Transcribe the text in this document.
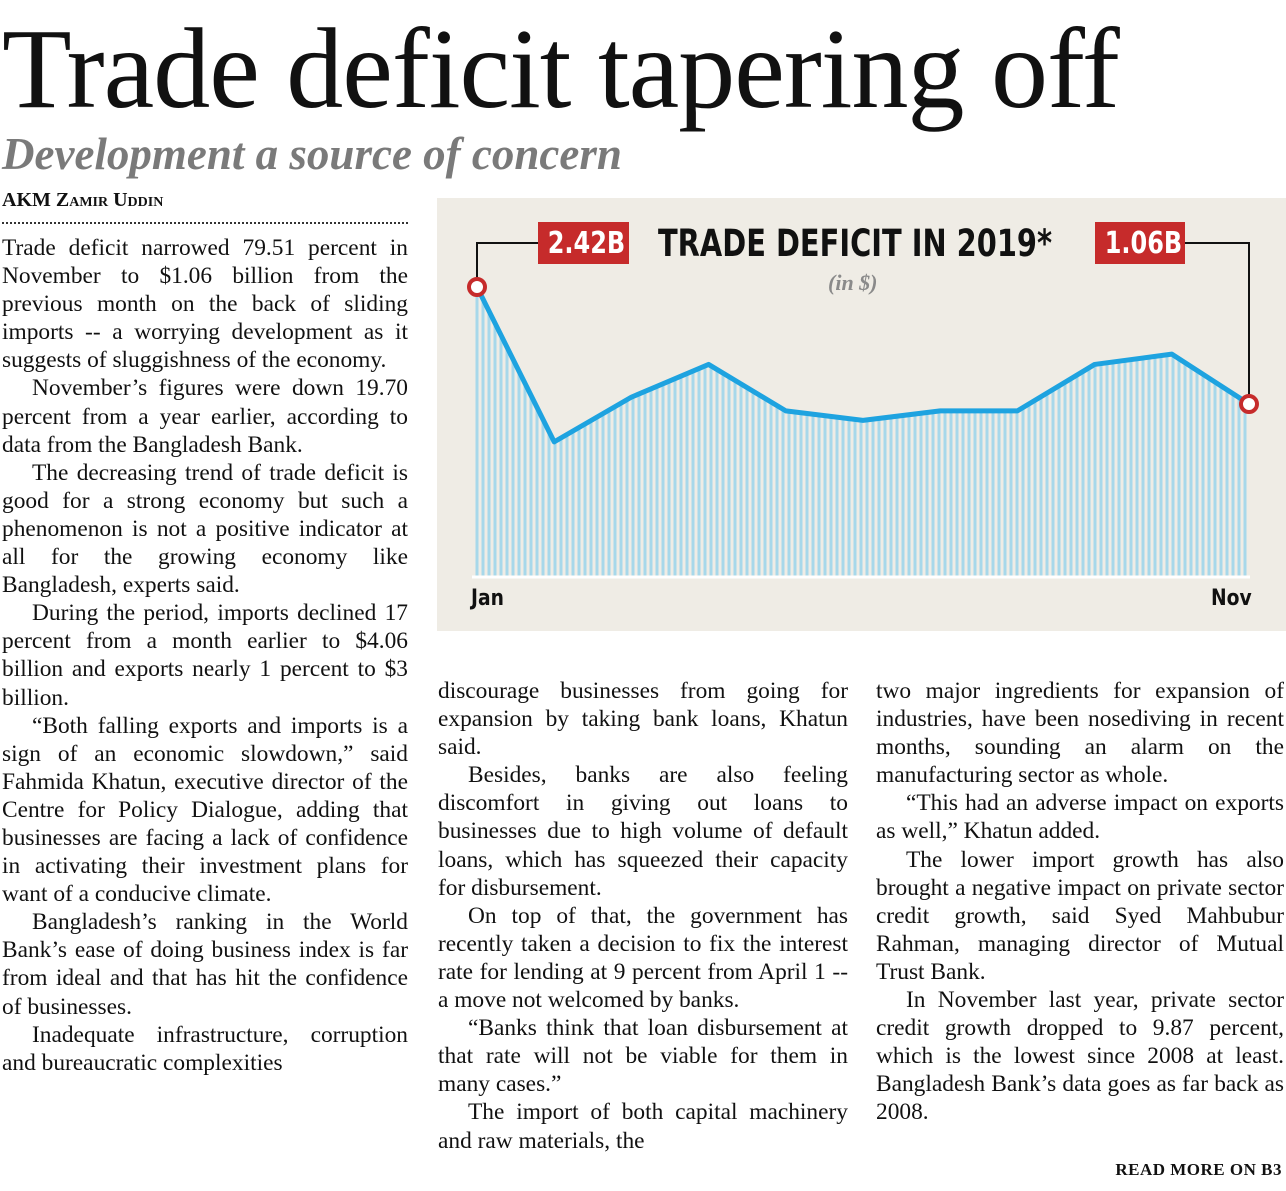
Trade deficit tapering off
Development a source of concern
AKM Zamir Uddin

Trade deficit narrowed 79.51 percent in November to $1.06 billion from the previous month on the back of sliding imports -- a worrying development as it suggests of sluggishness of the economy.

November’s figures were down 19.70 percent from a year earlier, according to data from the Bangladesh Bank.

The decreasing trend of trade deficit is good for a strong economy but such a phenomenon is not a positive indicator at all for the growing economy like Bangladesh, experts said.

During the period, imports declined 17 percent from a month earlier to $4.06 billion and exports nearly 1 percent to $3 billion.

“Both falling exports and imports is a sign of an economic slowdown,” said Fahmida Khatun, executive director of the Centre for Policy Dialogue, adding that businesses are facing a lack of confidence in activating their investment plans for want of a conducive climate.

Bangladesh’s ranking in the World Bank’s ease of doing business index is far from ideal and that has hit the confidence of businesses.

Inadequate infrastructure, corruption and bureaucratic complexities

2.42B TRADE DEFICIT IN 2019*	1.06B
(in $)
Jan	Nov

discourage businesses from going for expansion by taking bank loans, Khatun said.

Besides, banks are also feeling discomfort in giving out loans to businesses due to high volume of default loans, which has squeezed their capacity for disbursement.

On top of that, the government has recently taken a decision to fix the interest rate for lending at 9 percent from April 1 -- a move not welcomed by banks.

“Banks think that loan disbursement at that rate will not be viable for them in many cases.”

The import of both capital machinery and raw materials, the

two major ingredients for expansion of industries, have been nosediving in recent months, sounding an alarm on the manufacturing sector as whole.

“This had an adverse impact on exports as well,” Khatun added.

The lower import growth has also brought a negative impact on private sector credit growth, said Syed Mahbubur Rahman, managing director of Mutual Trust Bank.

In November last year, private sector credit growth dropped to 9.87 percent, which is the lowest since 2008 at least. Bangladesh Bank’s data goes as far back as 2008.

READ MORE ON B3
